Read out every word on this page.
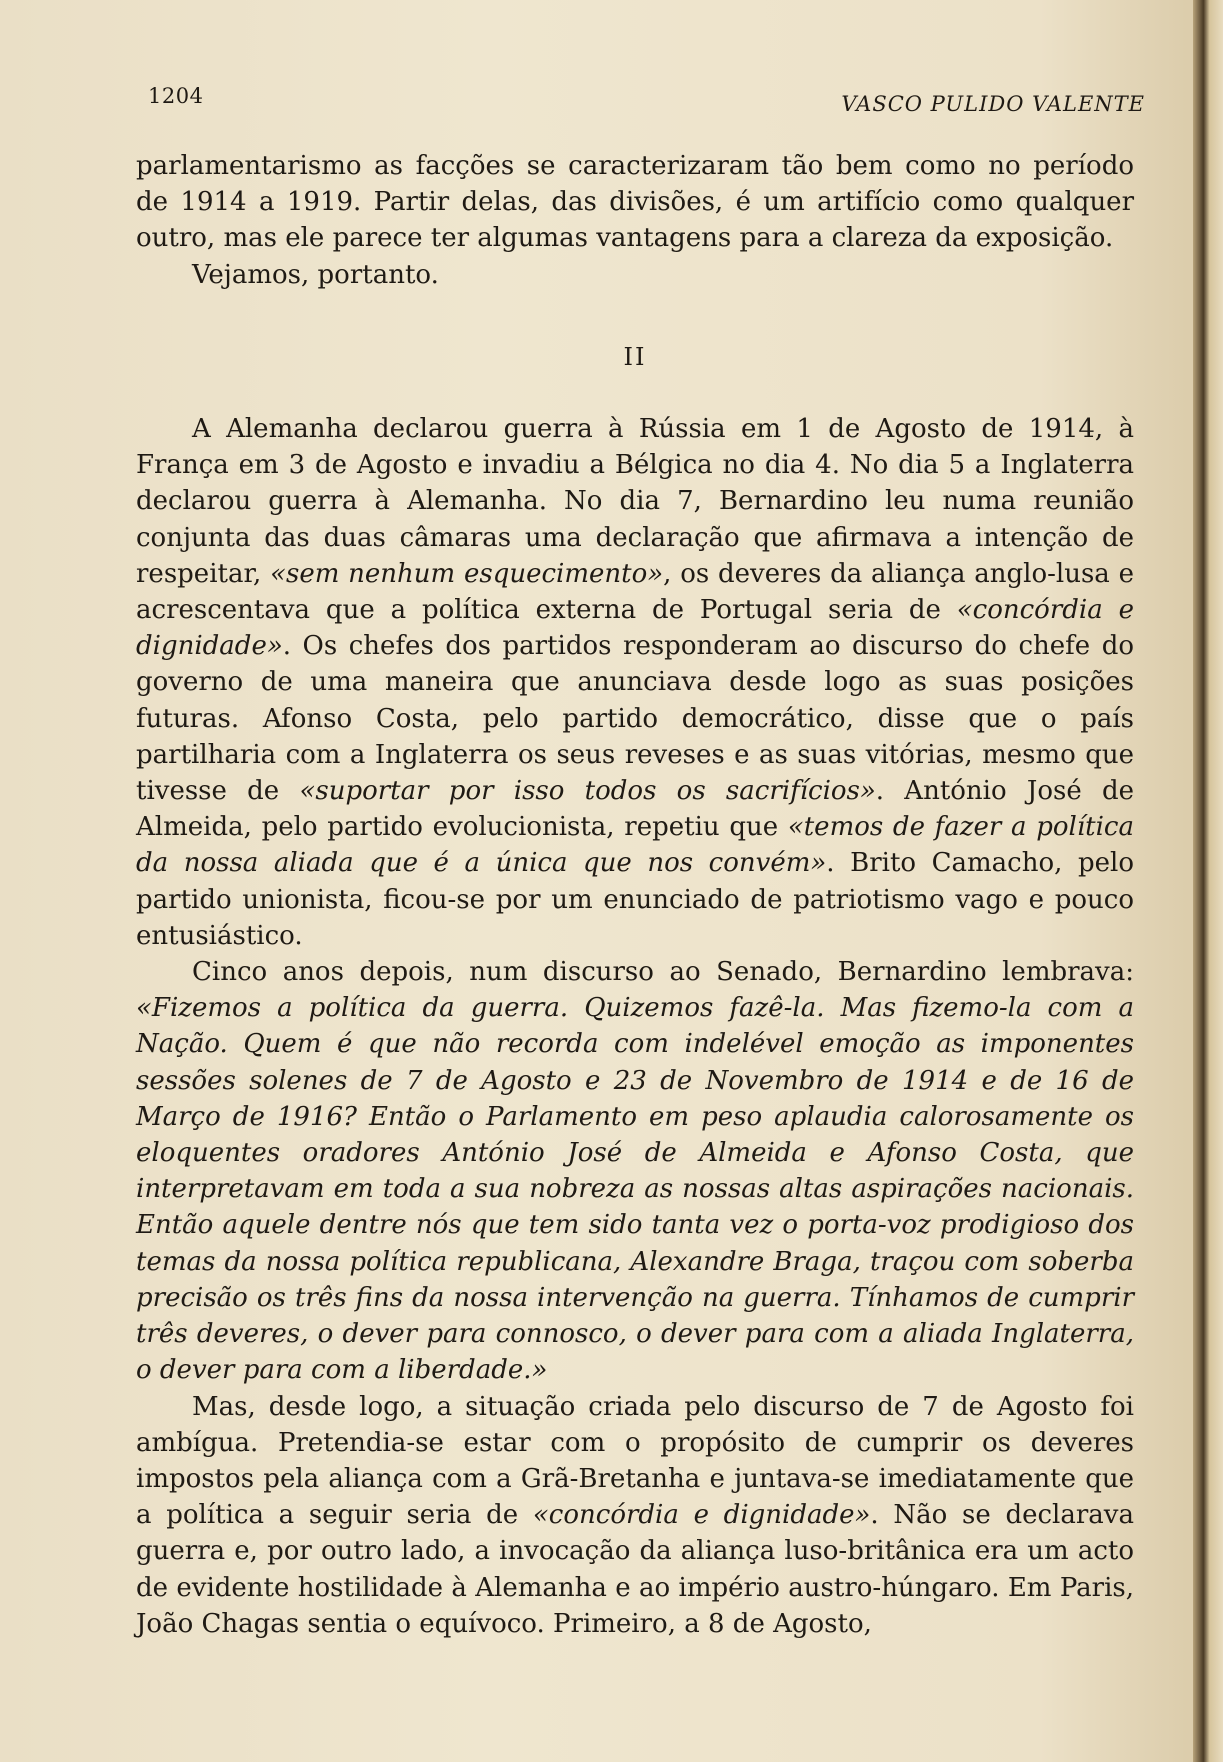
1204	VASCO PULIDO VALENTE

parlamentarismo as facções se caracterizaram tão bem como no período de 1914 a 1919. Partir delas, das divisões, é um artifício como qualquer outro, mas ele parece ter algumas vantagens para a clareza da exposição.

Vejamos, portanto.

II

A Alemanha declarou guerra à Rússia em 1 de Agosto de 1914, à França em 3 de Agosto e invadiu a Bélgica no dia 4. No dia 5 a Inglaterra declarou guerra à Alemanha. No dia 7, Bernardino leu numa reunião conjunta das duas câmaras uma declaração que afirmava a intenção de respeitar, «sem nenhum esquecimento», os deveres da aliança anglo-lusa e acrescentava que a política externa de Portugal seria de «concórdia e dignidade». Os chefes dos partidos responderam ao discurso do chefe do governo de uma maneira que anunciava desde logo as suas posições futuras. Afonso Costa, pelo partido democrático, disse que o país partilharia com a Inglaterra os seus reveses e as suas vitórias, mesmo que tivesse de «suportar por isso todos os sacrifícios». António José de Almeida, pelo partido evolucionista, repetiu que «temos de fazer a política da nossa aliada que é a única que nos convém». Brito Camacho, pelo partido unionista, ficou-se por um enunciado de patriotismo vago e pouco entusiástico.

Cinco anos depois, num discurso ao Senado, Bernardino lembrava: «Fizemos a política da guerra. Quizemos fazê-la. Mas fizemo-la com a Nação. Quem é que não recorda com indelével emoção as imponentes sessões solenes de 7 de Agosto e 23 de Novembro de 1914 e de 16 de Março de 1916? Então o Parlamento em peso aplaudia calorosamente os eloquentes oradores António José de Almeida e Afonso Costa, que interpretavam em toda a sua nobreza as nossas altas aspirações nacionais. Então aquele dentre nós que tem sido tanta vez o porta-voz prodigioso dos temas da nossa política republicana, Alexandre Braga, traçou com soberba precisão os três fins da nossa intervenção na guerra. Tínhamos de cumprir três deveres, o dever para connosco, o dever para com a aliada Inglaterra, o dever para com a liberdade.»

Mas, desde logo, a situação criada pelo discurso de 7 de Agosto foi ambígua. Pretendia-se estar com o propósito de cumprir os deveres impostos pela aliança com a Grã-Bretanha e juntava-se imediatamente que a política a seguir seria de «concórdia e dignidade». Não se declarava guerra e, por outro lado, a invocação da aliança luso-britânica era um acto de evidente hostilidade à Alemanha e ao império austro-húngaro. Em Paris, João Chagas sentia o equívoco. Primeiro, a 8 de Agosto,
